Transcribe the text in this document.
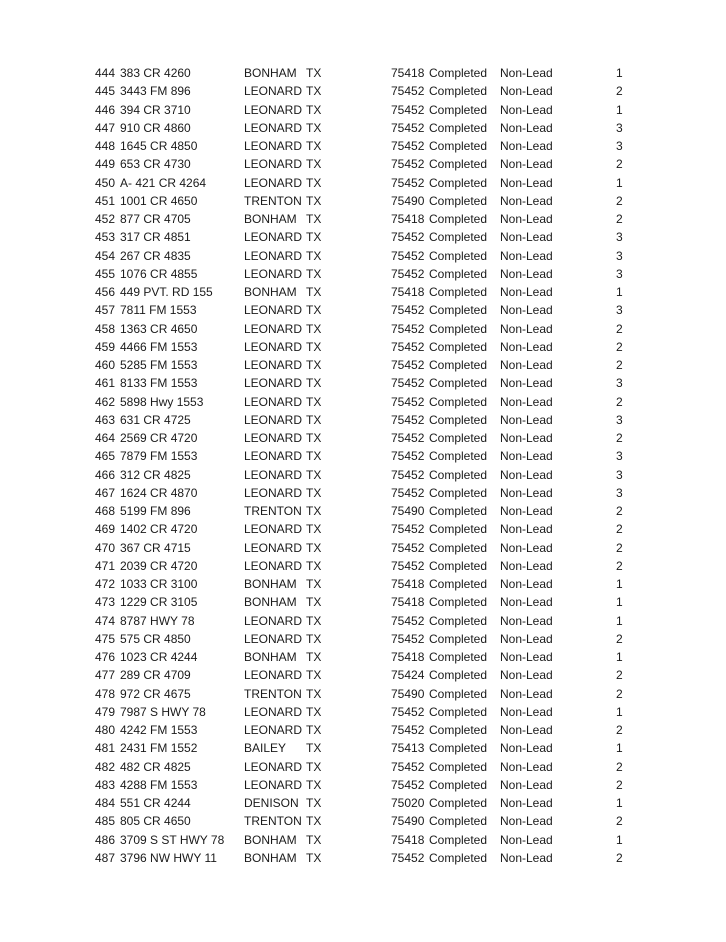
444 383 CR 4260	BONHAM TX	75418 Completed Non-Lead	1
445 3443 FM 896	LEONARD TX	75452 Completed Non-Lead	2
446 394 CR 3710	LEONARD TX	75452 Completed Non-Lead	1
447 910 CR 4860	LEONARD TX	75452 Completed Non-Lead	3
448 1645 CR 4850	LEONARD TX	75452 Completed Non-Lead	3
449 653 CR 4730	LEONARD TX	75452 Completed Non-Lead	2
450 A- 421 CR 4264	LEONARD TX	75452 Completed Non-Lead	1
451 1001 CR 4650	TRENTON TX	75490 Completed Non-Lead	2
452 877 CR 4705	BONHAM TX	75418 Completed Non-Lead	2
453 317 CR 4851	LEONARD TX	75452 Completed Non-Lead	3
454 267 CR 4835	LEONARD TX	75452 Completed Non-Lead	3
455 1076 CR 4855	LEONARD TX	75452 Completed Non-Lead	3
456 449 PVT. RD 155	BONHAM TX	75418 Completed Non-Lead	1
457 7811 FM 1553	LEONARD TX	75452 Completed Non-Lead	3
458 1363 CR 4650	LEONARD TX	75452 Completed Non-Lead	2
459 4466 FM 1553	LEONARD TX	75452 Completed Non-Lead	2
460 5285 FM 1553	LEONARD TX	75452 Completed Non-Lead	2
461 8133 FM 1553	LEONARD TX	75452 Completed Non-Lead	3
462 5898 Hwy 1553	LEONARD TX	75452 Completed Non-Lead	2
463 631 CR 4725	LEONARD TX	75452 Completed Non-Lead	3
464 2569 CR 4720	LEONARD TX	75452 Completed Non-Lead	2
465 7879 FM 1553	LEONARD TX	75452 Completed Non-Lead	3
466 312 CR 4825	LEONARD TX	75452 Completed Non-Lead	3
467 1624 CR 4870	LEONARD TX	75452 Completed Non-Lead	3
468 5199 FM 896	TRENTON TX	75490 Completed Non-Lead	2
469 1402 CR 4720	LEONARD TX	75452 Completed Non-Lead	2
470 367 CR 4715	LEONARD TX	75452 Completed Non-Lead	2
471 2039 CR 4720	LEONARD TX	75452 Completed Non-Lead	2
472 1033 CR 3100	BONHAM TX	75418 Completed Non-Lead	1
473 1229 CR 3105	BONHAM TX	75418 Completed Non-Lead	1
474 8787 HWY 78	LEONARD TX	75452 Completed Non-Lead	1
475 575 CR 4850	LEONARD TX	75452 Completed Non-Lead	2
476 1023 CR 4244	BONHAM TX	75418 Completed Non-Lead	1
477 289 CR 4709	LEONARD TX	75424 Completed Non-Lead	2
478 972 CR 4675	TRENTON TX	75490 Completed Non-Lead	2
479 7987 S HWY 78	LEONARD TX	75452 Completed Non-Lead	1
480 4242 FM 1553	LEONARD TX	75452 Completed Non-Lead	2
481 2431 FM 1552	BAILEY TX	75413 Completed Non-Lead	1
482 482 CR 4825	LEONARD TX	75452 Completed Non-Lead	2
483 4288 FM 1553	LEONARD TX	75452 Completed Non-Lead	2
484 551 CR 4244	DENISON TX	75020 Completed Non-Lead	1
485 805 CR 4650	TRENTON TX	75490 Completed Non-Lead	2
486 3709 S ST HWY 78 BONHAM TX	75418 Completed Non-Lead	1
487 3796 NW HWY 11 BONHAM TX	75452 Completed Non-Lead	2
